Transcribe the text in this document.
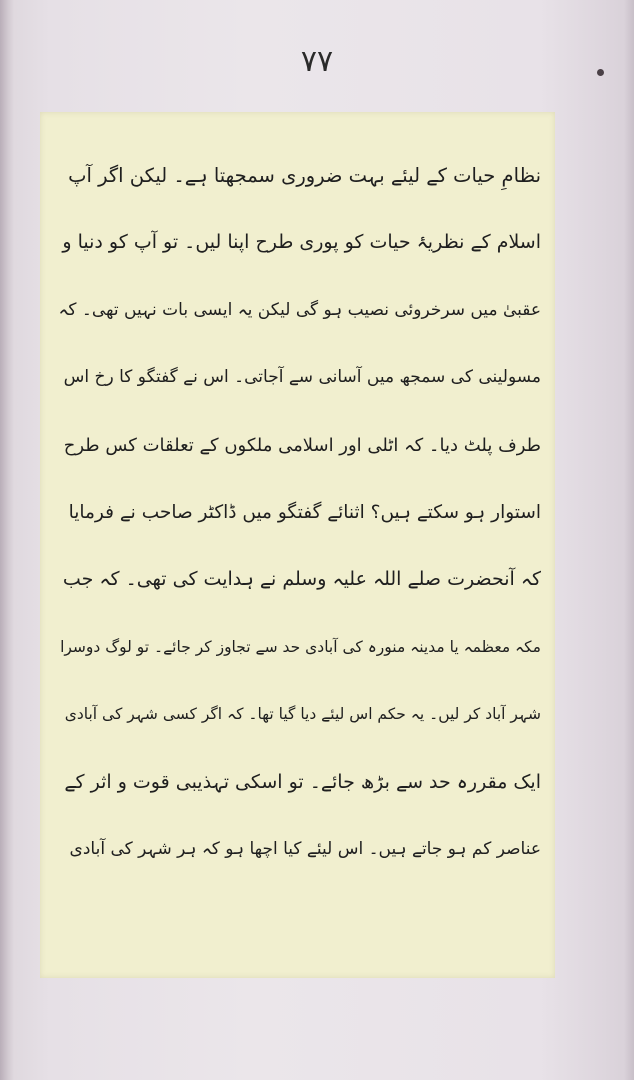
٧٧
نظامِ حیات کے لیئے بہت ضروری سمجھتا ہے۔ لیکن اگر آپ
اسلام کے نظریۂ حیات کو پوری طرح اپنا لیں۔ تو آپ کو دنیا و
عقبیٰ میں سرخروئی نصیب ہو گی لیکن یہ ایسی بات نہیں تھی۔ کہ
مسولینی کی سمجھ میں آسانی سے آجاتی۔ اس نے گفتگو کا رخ اس
طرف پلٹ دیا۔ کہ اٹلی اور اسلامی ملکوں کے تعلقات کس طرح
استوار ہو سکتے ہیں؟ اثنائے گفتگو میں ڈاکٹر صاحب نے فرمایا
کہ آنحضرت صلے اللہ علیہ وسلم نے ہدایت کی تھی۔ کہ جب
مکہ معظمہ یا مدینہ منورہ کی آبادی حد سے تجاوز کر جائے۔ تو لوگ دوسرا
شہر آباد کر لیں۔ یہ حکم اس لیئے دیا گیا تھا۔ کہ اگر کسی شہر کی آبادی
ایک مقررہ حد سے بڑھ جائے۔ تو اسکی تہذیبی قوت و اثر کے
عناصر کم ہو جاتے ہیں۔ اس لیئے کیا اچھا ہو کہ ہر شہر کی آبادی
